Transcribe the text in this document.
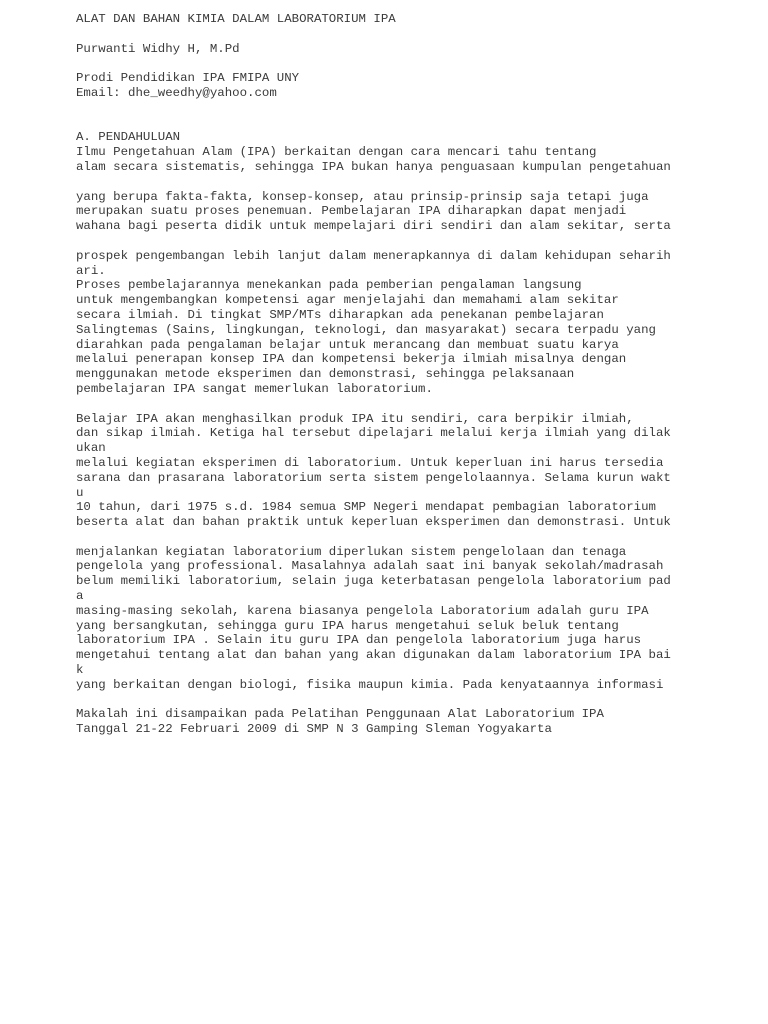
ALAT DAN BAHAN KIMIA DALAM LABORATORIUM IPA
Purwanti Widhy H, M.Pd
Prodi Pendidikan IPA FMIPA UNY
Email: dhe_weedhy@yahoo.com
A. PENDAHULUAN
Ilmu Pengetahuan Alam (IPA) berkaitan dengan cara mencari tahu tentang
alam secara sistematis, sehingga IPA bukan hanya penguasaan kumpulan pengetahuan
yang berupa fakta-fakta, konsep-konsep, atau prinsip-prinsip saja tetapi juga
merupakan suatu proses penemuan. Pembelajaran IPA diharapkan dapat menjadi
wahana bagi peserta didik untuk mempelajari diri sendiri dan alam sekitar, serta
prospek pengembangan lebih lanjut dalam menerapkannya di dalam kehidupan seharih
ari.
Proses pembelajarannya menekankan pada pemberian pengalaman langsung
untuk mengembangkan kompetensi agar menjelajahi dan memahami alam sekitar
secara ilmiah. Di tingkat SMP/MTs diharapkan ada penekanan pembelajaran
Salingtemas (Sains, lingkungan, teknologi, dan masyarakat) secara terpadu yang
diarahkan pada pengalaman belajar untuk merancang dan membuat suatu karya
melalui penerapan konsep IPA dan kompetensi bekerja ilmiah misalnya dengan
menggunakan metode eksperimen dan demonstrasi, sehingga pelaksanaan
pembelajaran IPA sangat memerlukan laboratorium.
Belajar IPA akan menghasilkan produk IPA itu sendiri, cara berpikir ilmiah,
dan sikap ilmiah. Ketiga hal tersebut dipelajari melalui kerja ilmiah yang dilak
ukan
melalui kegiatan eksperimen di laboratorium. Untuk keperluan ini harus tersedia
sarana dan prasarana laboratorium serta sistem pengelolaannya. Selama kurun wakt
u
10 tahun, dari 1975 s.d. 1984 semua SMP Negeri mendapat pembagian laboratorium
beserta alat dan bahan praktik untuk keperluan eksperimen dan demonstrasi. Untuk
menjalankan kegiatan laboratorium diperlukan sistem pengelolaan dan tenaga
pengelola yang professional. Masalahnya adalah saat ini banyak sekolah/madrasah
belum memiliki laboratorium, selain juga keterbatasan pengelola laboratorium pad
a
masing-masing sekolah, karena biasanya pengelola Laboratorium adalah guru IPA
yang bersangkutan, sehingga guru IPA harus mengetahui seluk beluk tentang
laboratorium IPA . Selain itu guru IPA dan pengelola laboratorium juga harus
mengetahui tentang alat dan bahan yang akan digunakan dalam laboratorium IPA bai
k
yang berkaitan dengan biologi, fisika maupun kimia. Pada kenyataannya informasi
Makalah ini disampaikan pada Pelatihan Penggunaan Alat Laboratorium IPA
Tanggal 21-22 Februari 2009 di SMP N 3 Gamping Sleman Yogyakarta
